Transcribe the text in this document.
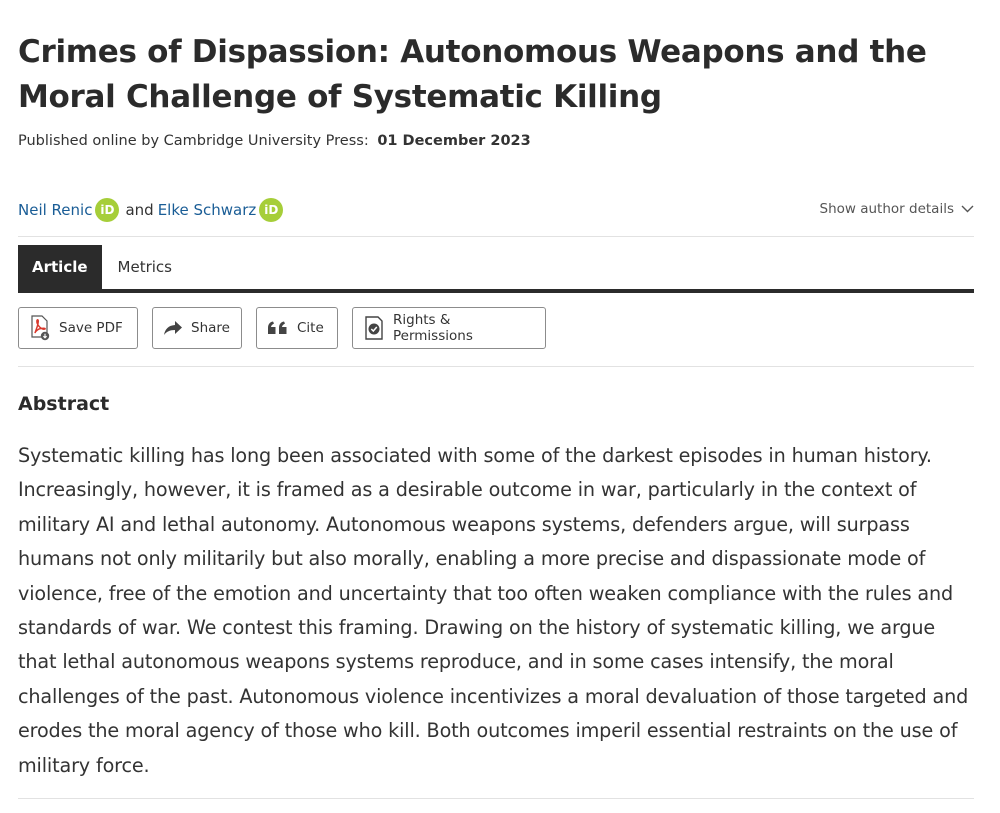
Crimes of Dispassion: Autonomous Weapons and the Moral Challenge of Systematic Killing
Published online by Cambridge University Press: 01 December 2023
Neil Renic iD and Elke Schwarz iD	Show author details
Article	Metrics
Save PDF	Share	Cite	Rights & Permissions
Abstract

Systematic killing has long been associated with some of the darkest episodes in human history. Increasingly, however, it is framed as a desirable outcome in war, particularly in the context of military AI and lethal autonomy. Autonomous weapons systems, defenders argue, will surpass humans not only militarily but also morally, enabling a more precise and dispassionate mode of violence, free of the emotion and uncertainty that too often weaken compliance with the rules and standards of war. We contest this framing. Drawing on the history of systematic killing, we argue that lethal autonomous weapons systems reproduce, and in some cases intensify, the moral challenges of the past. Autonomous violence incentivizes a moral devaluation of those targeted and erodes the moral agency of those who kill. Both outcomes imperil essential restraints on the use of military force.
